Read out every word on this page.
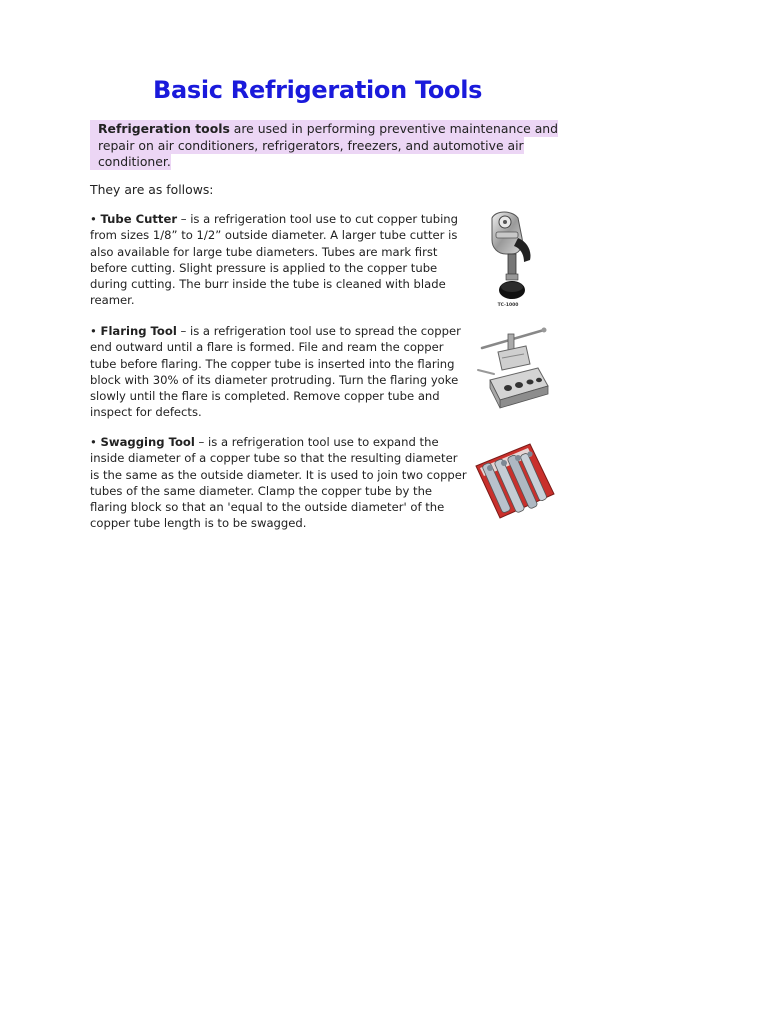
Basic Refrigeration Tools

Refrigeration tools are used in performing preventive maintenance and repair on air conditioners, refrigerators, freezers, and automotive air conditioner.

They are as follows:

• Tube Cutter – is a refrigeration tool use to cut copper tubing from sizes 1/8” to 1/2” outside diameter. A larger tube cutter is also available for large tube diameters. Tubes are mark first before cutting. Slight pressure is applied to the copper tube during cutting. The burr inside the tube is cleaned with blade reamer.

• Flaring Tool – is a refrigeration tool use to spread the copper end outward until a flare is formed. File and ream the copper tube before flaring. The copper tube is inserted into the flaring block with 30% of its diameter protruding. Turn the flaring yoke slowly until the flare is completed. Remove copper tube and inspect for defects.

• Swagging Tool – is a refrigeration tool use to expand the inside diameter of a copper tube so that the resulting diameter is the same as the outside diameter. It is used to join two copper tubes of the same diameter. Clamp the copper tube by the flaring block so that an 'equal to the outside diameter' of the copper tube length is to be swagged.

TC-1000
